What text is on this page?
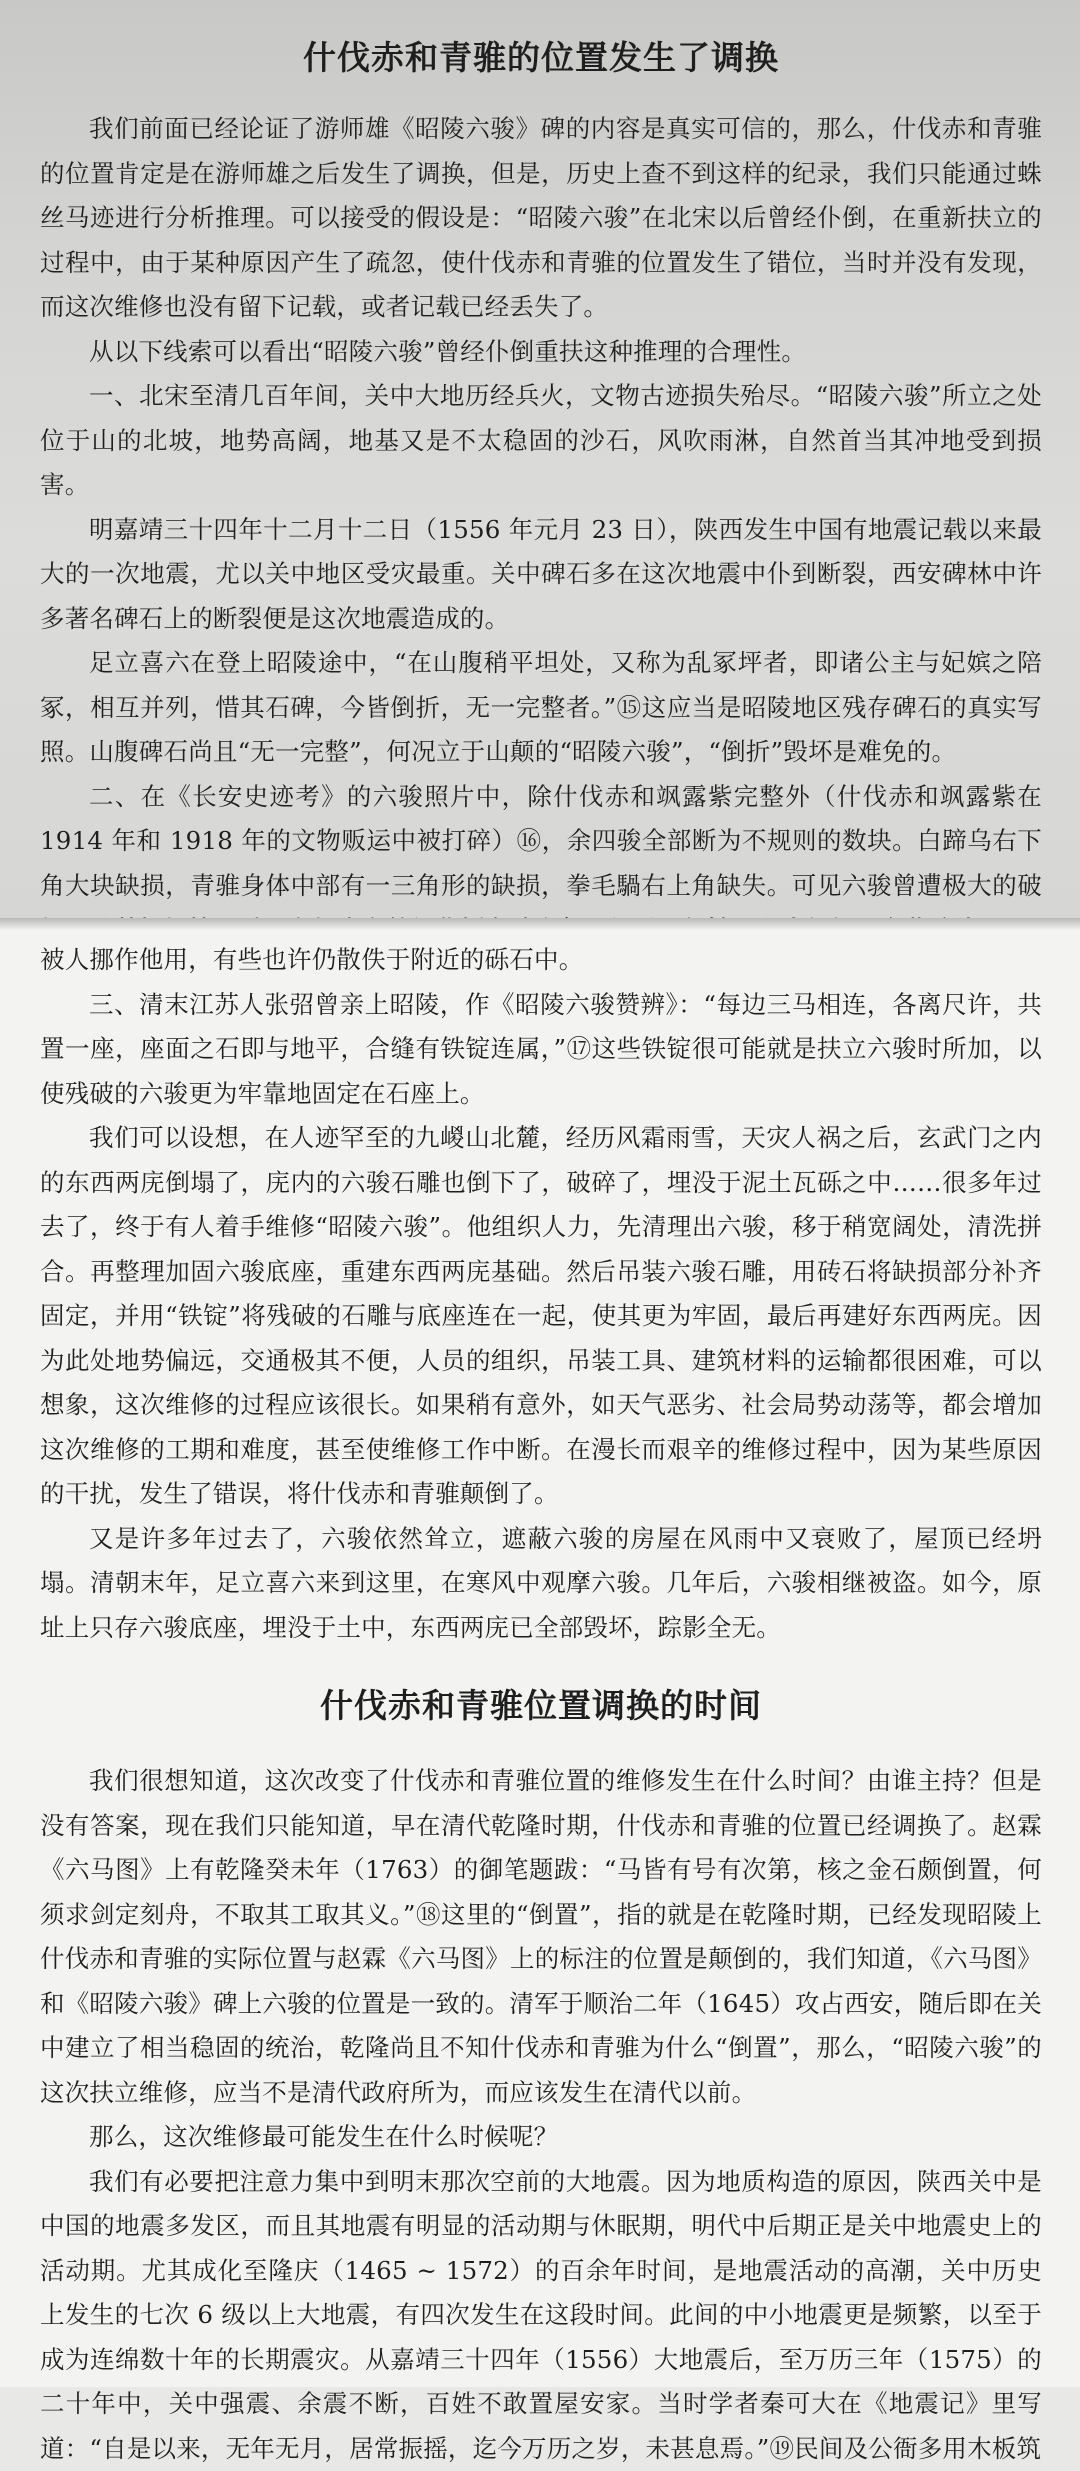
什伐赤和青骓的位置发生了调换

我们前面已经论证了游师雄《昭陵六骏》碑的内容是真实可信的，那么，什伐赤和青骓的位置肯定是在游师雄之后发生了调换，但是，历史上查不到这样的纪录，我们只能通过蛛丝马迹进行分析推理。可以接受的假设是：“昭陵六骏”在北宋以后曾经仆倒，在重新扶立的过程中，由于某种原因产生了疏忽，使什伐赤和青骓的位置发生了错位，当时并没有发现，而这次维修也没有留下记载，或者记载已经丢失了。

从以下线索可以看出“昭陵六骏”曾经仆倒重扶这种推理的合理性。

一、北宋至清几百年间，关中大地历经兵火，文物古迹损失殆尽。“昭陵六骏”所立之处位于山的北坡，地势高阔，地基又是不太稳固的沙石，风吹雨淋，自然首当其冲地受到损害。

明嘉靖三十四年十二月十二日（1556 年元月 23 日），陕西发生中国有地震记载以来最大的一次地震，尤以关中地区受灾最重。关中碑石多在这次地震中仆到断裂，西安碑林中许多著名碑石上的断裂便是这次地震造成的。

足立喜六在登上昭陵途中，“在山腹稍平坦处，又称为乱冢坪者，即诸公主与妃嫔之陪冢，相互并列，惜其石碑，今皆倒折，无一完整者。”⑮这应当是昭陵地区残存碑石的真实写照。山腹碑石尚且“无一完整”，何况立于山颠的“昭陵六骏”，“倒折”毁坏是难免的。

二、在《长安史迹考》的六骏照片中，除什伐赤和飒露紫完整外（什伐赤和飒露紫在1914 年和 1918 年的文物贩运中被打碎）⑯，余四骏全部断为不规则的数块。白蹄乌右下角大块缺损，青骓身体中部有一三角形的缺损，拳毛騧右上角缺失。可见六骏曾遭极大的破

被人挪作他用，有些也许仍散佚于附近的砾石中。

三、清末江苏人张弨曾亲上昭陵，作《昭陵六骏赞辨》：“每边三马相连，各离尺许，共置一座，座面之石即与地平，合缝有铁锭连属，”⑰这些铁锭很可能就是扶立六骏时所加，以使残破的六骏更为牢靠地固定在石座上。

我们可以设想，在人迹罕至的九嵕山北麓，经历风霜雨雪，天灾人祸之后，玄武门之内的东西两庑倒塌了，庑内的六骏石雕也倒下了，破碎了，埋没于泥土瓦砾之中……很多年过去了，终于有人着手维修“昭陵六骏”。他组织人力，先清理出六骏，移于稍宽阔处，清洗拼合。再整理加固六骏底座，重建东西两庑基础。然后吊装六骏石雕，用砖石将缺损部分补齐固定，并用“铁锭”将残破的石雕与底座连在一起，使其更为牢固，最后再建好东西两庑。因为此处地势偏远，交通极其不便，人员的组织，吊装工具、建筑材料的运输都很困难，可以想象，这次维修的过程应该很长。如果稍有意外，如天气恶劣、社会局势动荡等，都会增加这次维修的工期和难度，甚至使维修工作中断。在漫长而艰辛的维修过程中，因为某些原因的干扰，发生了错误，将什伐赤和青骓颠倒了。

又是许多年过去了，六骏依然耸立，遮蔽六骏的房屋在风雨中又衰败了，屋顶已经坍塌。清朝末年，足立喜六来到这里，在寒风中观摩六骏。几年后，六骏相继被盗。如今，原址上只存六骏底座，埋没于土中，东西两庑已全部毁坏，踪影全无。

什伐赤和青骓位置调换的时间

我们很想知道，这次改变了什伐赤和青骓位置的维修发生在什么时间？由谁主持？但是没有答案，现在我们只能知道，早在清代乾隆时期，什伐赤和青骓的位置已经调换了。赵霖《六马图》上有乾隆癸未年（1763）的御笔题跋：“马皆有号有次第，核之金石颇倒置，何须求剑定刻舟，不取其工取其义。”⑱这里的“倒置”，指的就是在乾隆时期，已经发现昭陵上什伐赤和青骓的实际位置与赵霖《六马图》上的标注的位置是颠倒的，我们知道，《六马图》和《昭陵六骏》碑上六骏的位置是一致的。清军于顺治二年（1645）攻占西安，随后即在关中建立了相当稳固的统治，乾隆尚且不知什伐赤和青骓为什么“倒置”，那么，“昭陵六骏”的这次扶立维修，应当不是清代政府所为，而应该发生在清代以前。

那么，这次维修最可能发生在什么时候呢？

我们有必要把注意力集中到明末那次空前的大地震。因为地质构造的原因，陕西关中是中国的地震多发区，而且其地震有明显的活动期与休眠期，明代中后期正是关中地震史上的活动期。尤其成化至隆庆（1465 ~ 1572）的百余年时间，是地震活动的高潮，关中历史上发生的七次 6 级以上大地震，有四次发生在这段时间。此间的中小地震更是频繁，以至于成为连绵数十年的长期震灾。从嘉靖三十四年（1556）大地震后，至万历三年（1575）的二十年中，关中强震、余震不断，百姓不敢置屋安家。当时学者秦可大在《地震记》里写道：“自是以来，无年无月，居常振摇，迄今万历之岁，未甚息焉。”⑲民间及公衙多用木板筑
